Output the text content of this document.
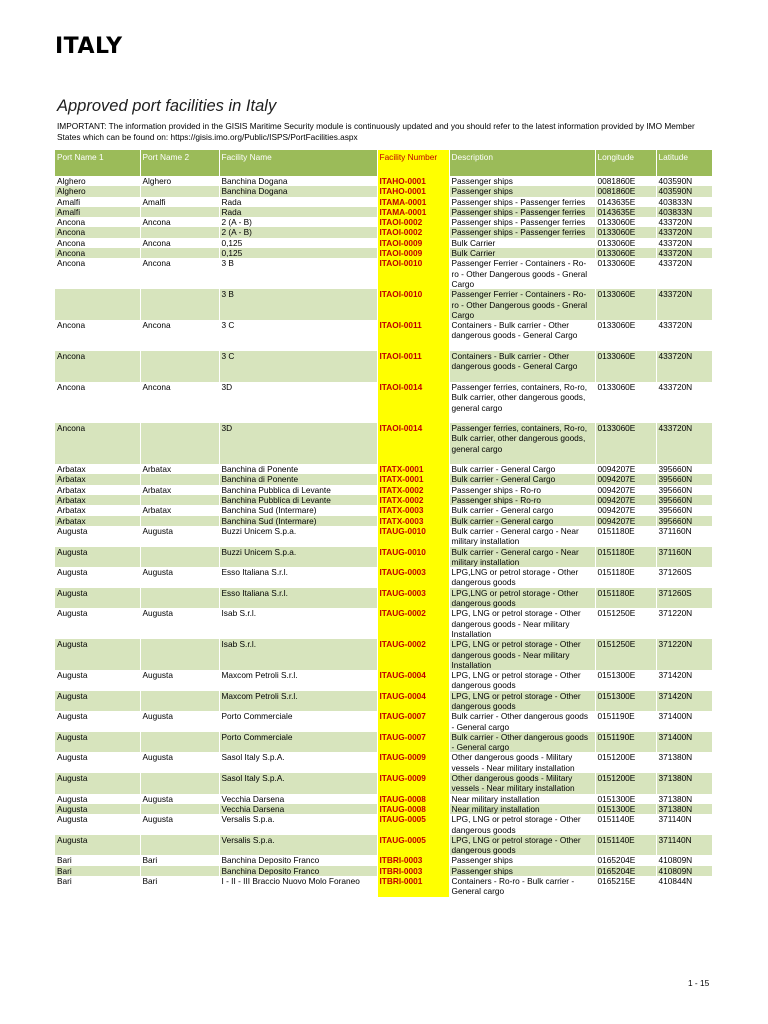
ITALY
Approved port facilities in Italy

IMPORTANT: The information provided in the GISIS Maritime Security module is continuously updated and you should refer to the latest information provided by IMO Member States which can be found on: https://gisis.imo.org/Public/ISPS/PortFacilities.aspx

Port Name 1	Port Name 2	Facility Name	Facility Number	Description	Longitude	Latitude
Alghero	Alghero	Banchina Dogana	ITAHO-0001	Passenger ships	0081860E	403590N
Alghero		Banchina Dogana	ITAHO-0001	Passenger ships	0081860E	403590N
Amalfi	Amalfi	Rada	ITAMA-0001	Passenger ships - Passenger ferries	0143635E	403833N
Amalfi		Rada	ITAMA-0001	Passenger ships - Passenger ferries	0143635E	403833N
Ancona	Ancona	2 (A - B)	ITAOI-0002	Passenger ships - Passenger ferries	0133060E	433720N
Ancona		2 (A - B)	ITAOI-0002	Passenger ships - Passenger ferries	0133060E	433720N
Ancona	Ancona	0,125	ITAOI-0009	Bulk Carrier	0133060E	433720N
Ancona		0,125	ITAOI-0009	Bulk Carrier	0133060E	433720N
Ancona	Ancona	3 B	ITAOI-0010	Passenger Ferrier - Containers - Ro-ro - Other Dangerous goods - Gneral Cargo	0133060E	433720N
		3 B	ITAOI-0010	Passenger Ferrier - Containers - Ro-ro - Other Dangerous goods - Gneral Cargo	0133060E	433720N
Ancona	Ancona	3 C	ITAOI-0011	Containers - Bulk carrier - Other dangerous goods - General Cargo	0133060E	433720N
Ancona		3 C	ITAOI-0011	Containers - Bulk carrier - Other dangerous goods - General Cargo	0133060E	433720N
Ancona	Ancona	3D	ITAOI-0014	Passenger ferries, containers, Ro-ro, Bulk carrier, other dangerous goods, general cargo	0133060E	433720N
Ancona		3D	ITAOI-0014	Passenger ferries, containers, Ro-ro, Bulk carrier, other dangerous goods, general cargo	0133060E	433720N
Arbatax	Arbatax	Banchina di Ponente	ITATX-0001	Bulk carrier - General Cargo	0094207E	395660N
Arbatax		Banchina di Ponente	ITATX-0001	Bulk carrier - General Cargo	0094207E	395660N
Arbatax	Arbatax	Banchina Pubblica di Levante	ITATX-0002	Passenger ships - Ro-ro	0094207E	395660N
Arbatax		Banchina Pubblica di Levante	ITATX-0002	Passenger ships - Ro-ro	0094207E	395660N
Arbatax	Arbatax	Banchina Sud (Intermare)	ITATX-0003	Bulk carrier - General cargo	0094207E	395660N
Arbatax		Banchina Sud (Intermare)	ITATX-0003	Bulk carrier - General cargo	0094207E	395660N
Augusta	Augusta	Buzzi Unicem S.p.a.	ITAUG-0010	Bulk carrier - General cargo - Near military installation	0151180E	371160N
Augusta		Buzzi Unicem S.p.a.	ITAUG-0010	Bulk carrier - General cargo - Near military installation	0151180E	371160N
Augusta	Augusta	Esso Italiana S.r.l.	ITAUG-0003	LPG,LNG or petrol storage - Other dangerous goods	0151180E	371260S
Augusta		Esso Italiana S.r.l.	ITAUG-0003	LPG,LNG or petrol storage - Other dangerous goods	0151180E	371260S
Augusta	Augusta	Isab S.r.l.	ITAUG-0002	LPG, LNG or petrol storage - Other dangerous goods - Near military Installation	0151250E	371220N
Augusta		Isab S.r.l.	ITAUG-0002	LPG, LNG or petrol storage - Other dangerous goods - Near military Installation	0151250E	371220N
Augusta	Augusta	Maxcom Petroli S.r.l.	ITAUG-0004	LPG, LNG or petrol storage - Other dangerous goods	0151300E	371420N
Augusta		Maxcom Petroli S.r.l.	ITAUG-0004	LPG, LNG or petrol storage - Other dangerous goods	0151300E	371420N
Augusta	Augusta	Porto Commerciale	ITAUG-0007	Bulk carrier - Other dangerous goods - General cargo	0151190E	371400N
Augusta		Porto Commerciale	ITAUG-0007	Bulk carrier - Other dangerous goods - General cargo	0151190E	371400N
Augusta	Augusta	Sasol Italy S.p.A.	ITAUG-0009	Other dangerous goods - Military vessels - Near military installation	0151200E	371380N
Augusta		Sasol Italy S.p.A.	ITAUG-0009	Other dangerous goods - Military vessels - Near military installation	0151200E	371380N
Augusta	Augusta	Vecchia Darsena	ITAUG-0008	Near military installation	0151300E	371380N
Augusta		Vecchia Darsena	ITAUG-0008	Near military installation	0151300E	371380N
Augusta	Augusta	Versalis S.p.a.	ITAUG-0005	LPG, LNG or petrol storage - Other dangerous goods	0151140E	371140N
Augusta		Versalis S.p.a.	ITAUG-0005	LPG, LNG or petrol storage - Other dangerous goods	0151140E	371140N
Bari	Bari	Banchina Deposito Franco	ITBRI-0003	Passenger ships	0165204E	410809N
Bari		Banchina Deposito Franco	ITBRI-0003	Passenger ships	0165204E	410809N
Bari	Bari	I - II - III Braccio Nuovo Molo Foraneo	ITBRI-0001	Containers - Ro-ro - Bulk carrier - General cargo	0165215E	410844N

1 - 15
